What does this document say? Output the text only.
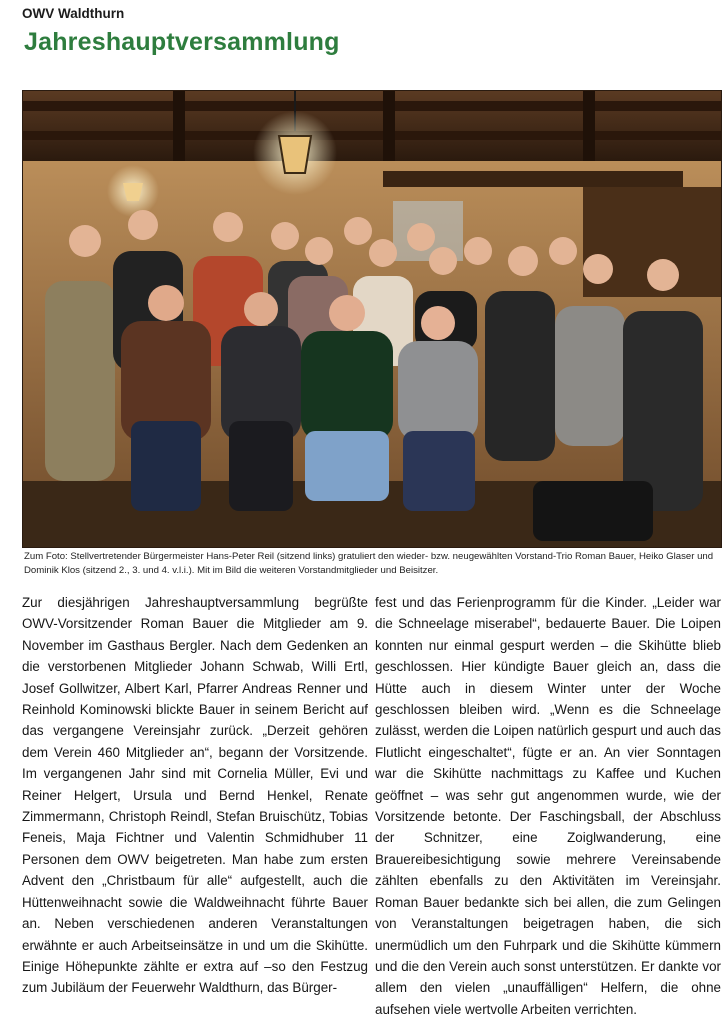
OWV Waldthurn
Jahreshauptversammlung
Zum Foto: Stellvertretender Bürgermeister Hans-Peter Reil (sitzend links) gratuliert den wieder- bzw. neugewählten Vorstand-Trio Roman Bauer, Heiko Glaser und Dominik Klos (sitzend 2., 3. und 4. v.l.i.). Mit im Bild die weiteren Vorstandmitglieder und Beisitzer.

Zur diesjährigen Jahreshauptversammlung begrüßte OWV-Vorsitzender Roman Bauer die Mitglieder am 9. November im Gasthaus Bergler. Nach dem Gedenken an die verstorbenen Mitglieder Johann Schwab, Willi Ertl, Josef Gollwitzer, Albert Karl, Pfarrer Andreas Renner und Reinhold Kominowski blickte Bauer in seinem Bericht auf das vergangene Vereinsjahr zurück. „Derzeit gehören dem Verein 460 Mitglieder an“, begann der Vorsitzende. Im vergangenen Jahr sind mit Cornelia Müller, Evi und Reiner Helgert, Ursula und Bernd Henkel, Renate Zimmermann, Christoph Reindl, Stefan Bruischütz, Tobias Feneis, Maja Fichtner und Valentin Schmidhuber 11 Personen dem OWV beigetreten. Man habe zum ersten Advent den „Christbaum für alle“ aufgestellt, auch die Hüttenweihnacht sowie die Waldweihnacht führte Bauer an. Neben verschiedenen anderen Veranstaltungen erwähnte er auch Arbeitseinsätze in und um die Skihütte. Einige Höhepunkte zählte er extra auf –so den Festzug zum Jubiläum der Feuerwehr Waldthurn, das Bürger-

fest und das Ferienprogramm für die Kinder. „Leider war die Schneelage miserabel“, bedauerte Bauer. Die Loipen konnten nur einmal gespurt werden – die Skihütte blieb geschlossen. Hier kündigte Bauer gleich an, dass die Hütte auch in diesem Winter unter der Woche geschlossen bleiben wird. „Wenn es die Schneelage zulässt, werden die Loipen natürlich gespurt und auch das Flutlicht eingeschaltet“, fügte er an. An vier Sonntagen war die Skihütte nachmittags zu Kaffee und Kuchen geöffnet – was sehr gut angenommen wurde, wie der Vorsitzende betonte. Der Faschingsball, der Abschluss der Schnitzer, eine Zoiglwanderung, eine Brauereibesichtigung sowie mehrere Vereinsabende zählten ebenfalls zu den Aktivitäten im Vereinsjahr. Roman Bauer bedankte sich bei allen, die zum Gelingen von Veranstaltungen beigetragen haben, die sich unermüdlich um den Fuhrpark und die Skihütte kümmern und die den Verein auch sonst unterstützen. Er dankte vor allem den vielen „unauffälligen“ Helfern, die ohne aufsehen viele wertvolle Arbeiten verrichten.
